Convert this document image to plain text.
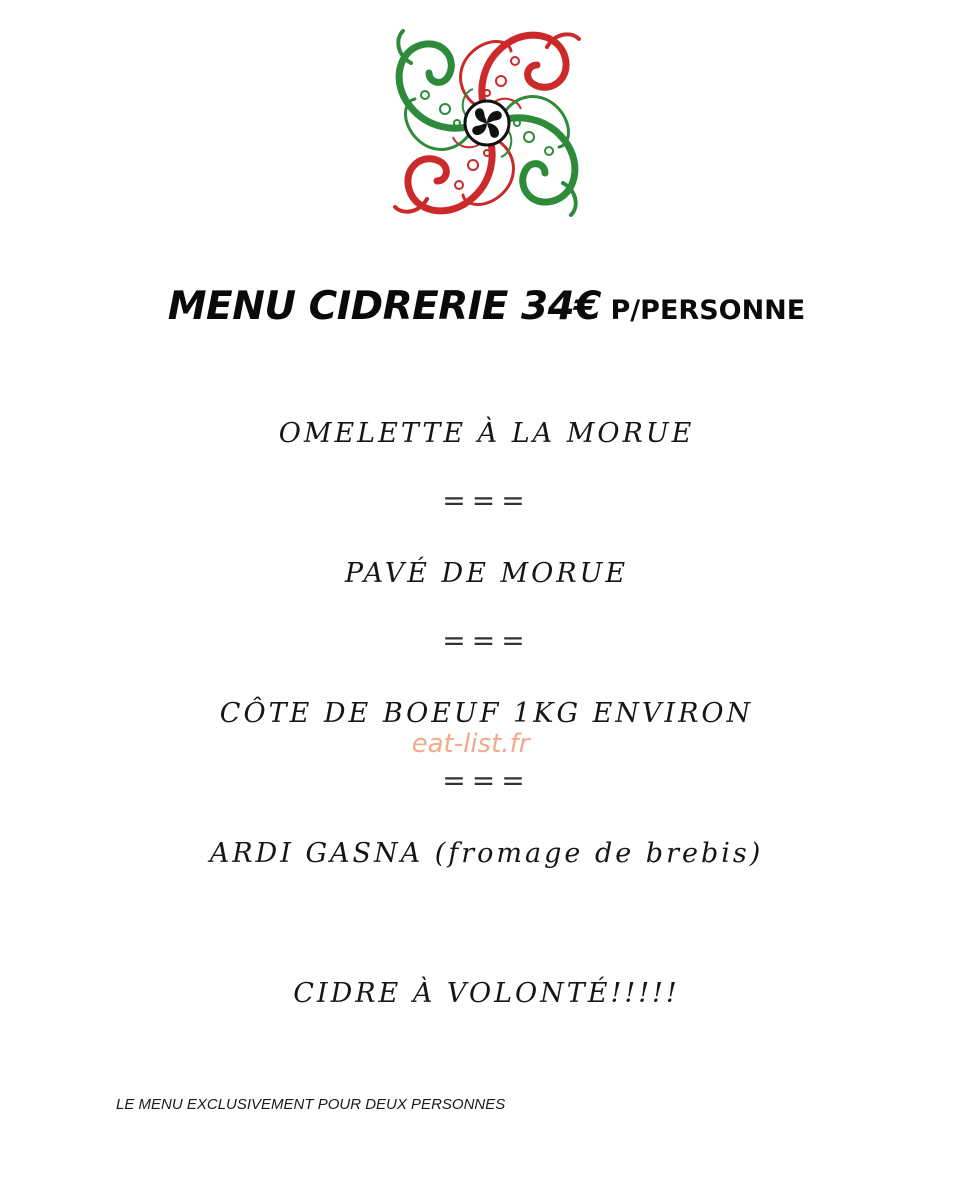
MENU CIDRERIE 34€ P/PERSONNE
OMELETTE À LA MORUE
===
PAVÉ DE MORUE
===
CÔTE DE BOEUF 1KG ENVIRON
eat-list.fr
===
ARDI GASNA (fromage de brebis)
CIDRE À VOLONTÉ!!!!!
LE MENU EXCLUSIVEMENT POUR DEUX PERSONNES
